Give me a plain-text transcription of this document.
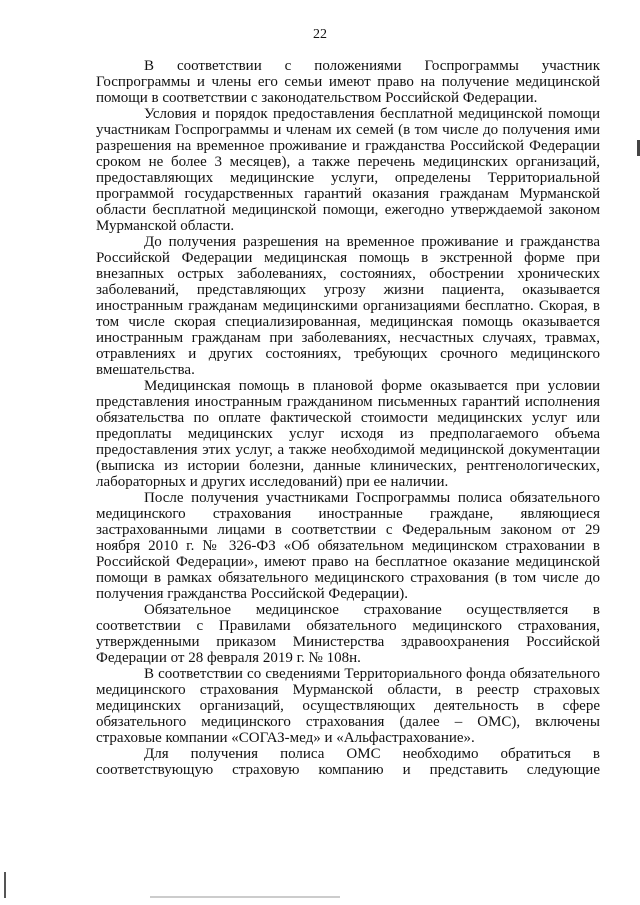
22

В соответствии с положениями Госпрограммы участник Госпрограммы и члены его семьи имеют право на получение медицинской помощи в соответствии с законодательством Российской Федерации.

Условия и порядок предоставления бесплатной медицинской помощи участникам Госпрограммы и членам их семей (в том числе до получения ими разрешения на временное проживание и гражданства Российской Федерации сроком не более 3 месяцев), а также перечень медицинских организаций, предоставляющих медицинские услуги, определены Территориальной программой государственных гарантий оказания гражданам Мурманской области бесплатной медицинской помощи, ежегодно утверждаемой законом Мурманской области.

До получения разрешения на временное проживание и гражданства Российской Федерации медицинская помощь в экстренной форме при внезапных острых заболеваниях, состояниях, обострении хронических заболеваний, представляющих угрозу жизни пациента, оказывается иностранным гражданам медицинскими организациями бесплатно. Скорая, в том числе скорая специализированная, медицинская помощь оказывается иностранным гражданам при заболеваниях, несчастных случаях, травмах, отравлениях и других состояниях, требующих срочного медицинского вмешательства.

Медицинская помощь в плановой форме оказывается при условии представления иностранным гражданином письменных гарантий исполнения обязательства по оплате фактической стоимости медицинских услуг или предоплаты медицинских услуг исходя из предполагаемого объема предоставления этих услуг, а также необходимой медицинской документации (выписка из истории болезни, данные клинических, рентгенологических, лабораторных и других исследований) при ее наличии.

После получения участниками Госпрограммы полиса обязательного медицинского страхования иностранные граждане, являющиеся застрахованными лицами в соответствии с Федеральным законом от 29 ноября 2010 г. № 326-ФЗ «Об обязательном медицинском страховании в Российской Федерации», имеют право на бесплатное оказание медицинской помощи в рамках обязательного медицинского страхования (в том числе до получения гражданства Российской Федерации).

Обязательное медицинское страхование осуществляется в соответствии с Правилами обязательного медицинского страхования, утвержденными приказом Министерства здравоохранения Российской Федерации от 28 февраля 2019 г. № 108н.

В соответствии со сведениями Территориального фонда обязательного медицинского страхования Мурманской области, в реестр страховых медицинских организаций, осуществляющих деятельность в сфере обязательного медицинского страхования (далее – ОМС), включены страховые компании «СОГАЗ-мед» и «Альфастрахование».

Для получения полиса ОМС необходимо обратиться в соответствующую страховую компанию и представить следующие
